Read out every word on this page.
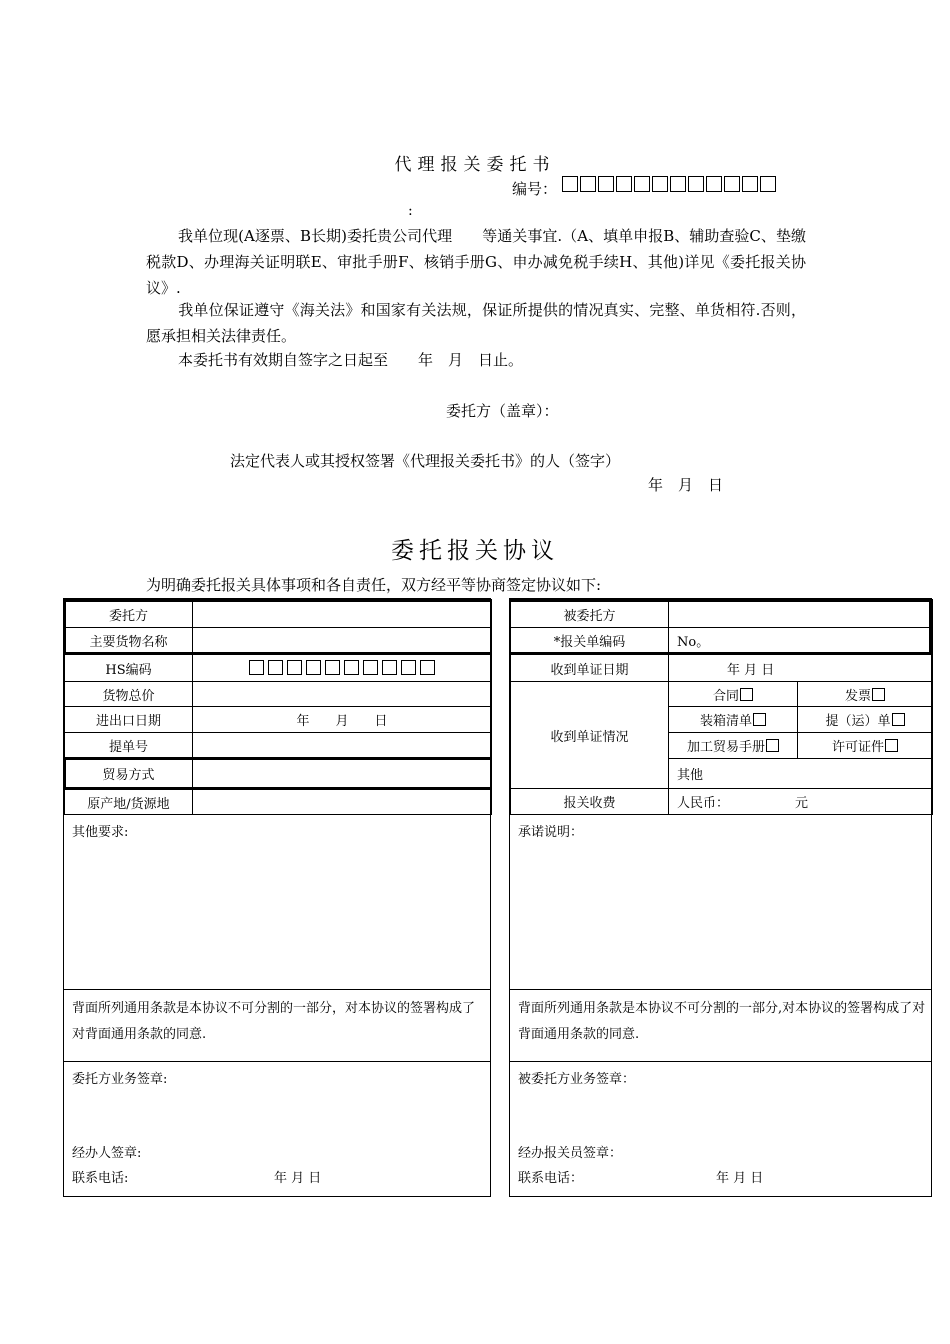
代理报关委托书
编号：
:
我单位现(A逐票、B长期)委托贵公司代理　　等通关事宜.（A、填单申报B、辅助查验C、垫缴税款D、办理海关证明联E、审批手册F、核销手册G、申办减免税手续H、其他)详见《委托报关协议》.
我单位保证遵守《海关法》和国家有关法规，保证所提供的情况真实、完整、单货相符.否则，愿承担相关法律责任。
本委托书有效期自签字之日起至　　年　月　日止。
委托方（盖章）：
法定代表人或其授权签署《代理报关委托书》的人（签字）
年　月　日
委托报关协议
为明确委托报关具体事项和各自责任，双方经平等协商签定协议如下:
委托方	
主要货物名称	
HS编码	
货物总价	
进出口日期	年　　月　　日
提单号	
贸易方式	
原产地/货源地	
其他要求:
背面所列通用条款是本协议不可分割的一部分，对本协议的签署构成了对背面通用条款的同意.
委托方业务签章:
经办人签章:
联系电话:	年 月 日
被委托方		
*报关单编码	No。	
收到单证日期	年 月 日	
收到单证情况	合同	发票
	装箱清单	提（运）单
	加工贸易手册	许可证件
	其他	
报关收费	人民币： 元	
承诺说明：
背面所列通用条款是本协议不可分割的一部分,对本协议的签署构成了对背面通用条款的同意.
被委托方业务签章：
经办报关员签章：
联系电话：	年 月 日
